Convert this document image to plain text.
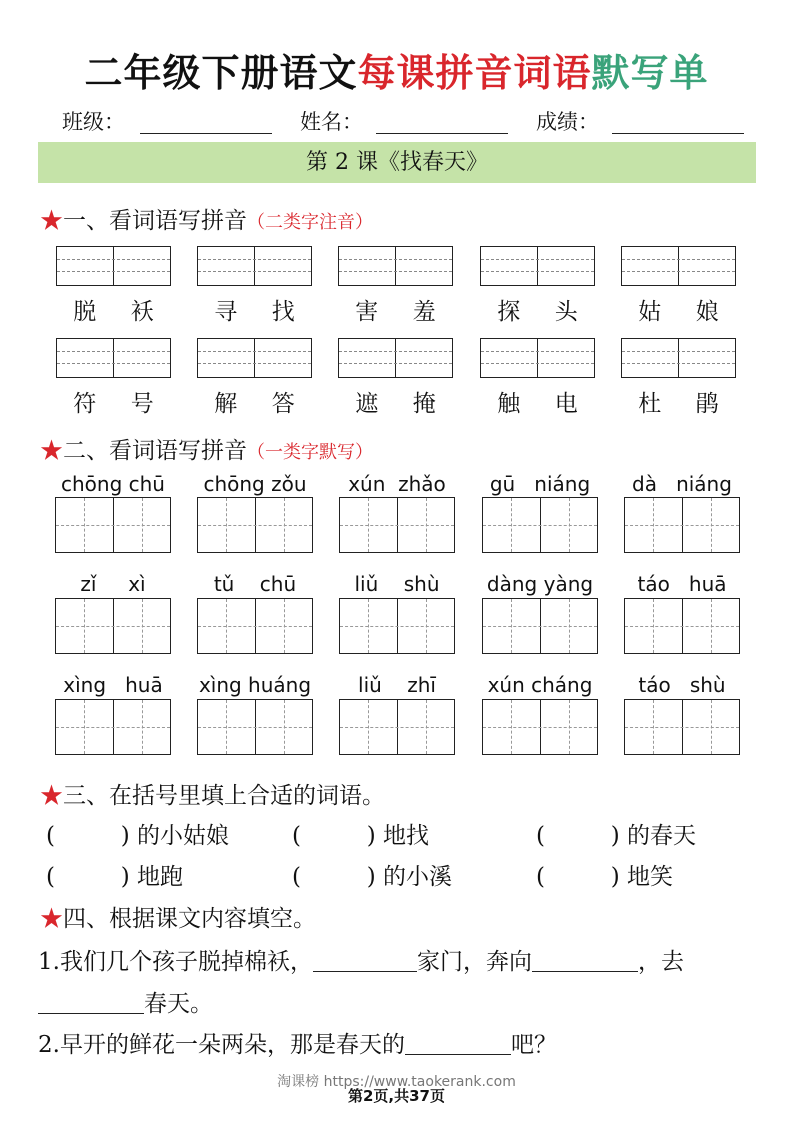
二年级下册语文每课拼音词语默写单
班级：	姓名：	成绩：
第 2 课《找春天》
★一、看词语写拼音（二类字注音）
脱 袄	寻 找	害 羞	探 头	姑 娘
符 号	解 答	遮 掩	触 电	杜 鹃
★二、看词语写拼音（一类字默写）
chōng chū	chōng zǒu	xún  zhǎo	gū   niáng	dà   niáng
zǐ     xì	tǔ    chū	liǔ    shù	dàng yàng	táo   huā
xìng   huā	xìng huáng	liǔ    zhī	xún cháng	táo   shù
★三、在括号里填上合适的词语。
(         ) 的小姑娘	(         ) 地找	(         ) 的春天
(         ) 地跑	(         ) 的小溪	(         ) 地笑
★四、根据课文内容填空。
1.我们几个孩子脱掉棉袄，	家门，奔向	，去
春天。
2.早开的鲜花一朵两朵，那是春天的	吧？
淘课榜 https://www.taokerank.com
第2页,共37页
